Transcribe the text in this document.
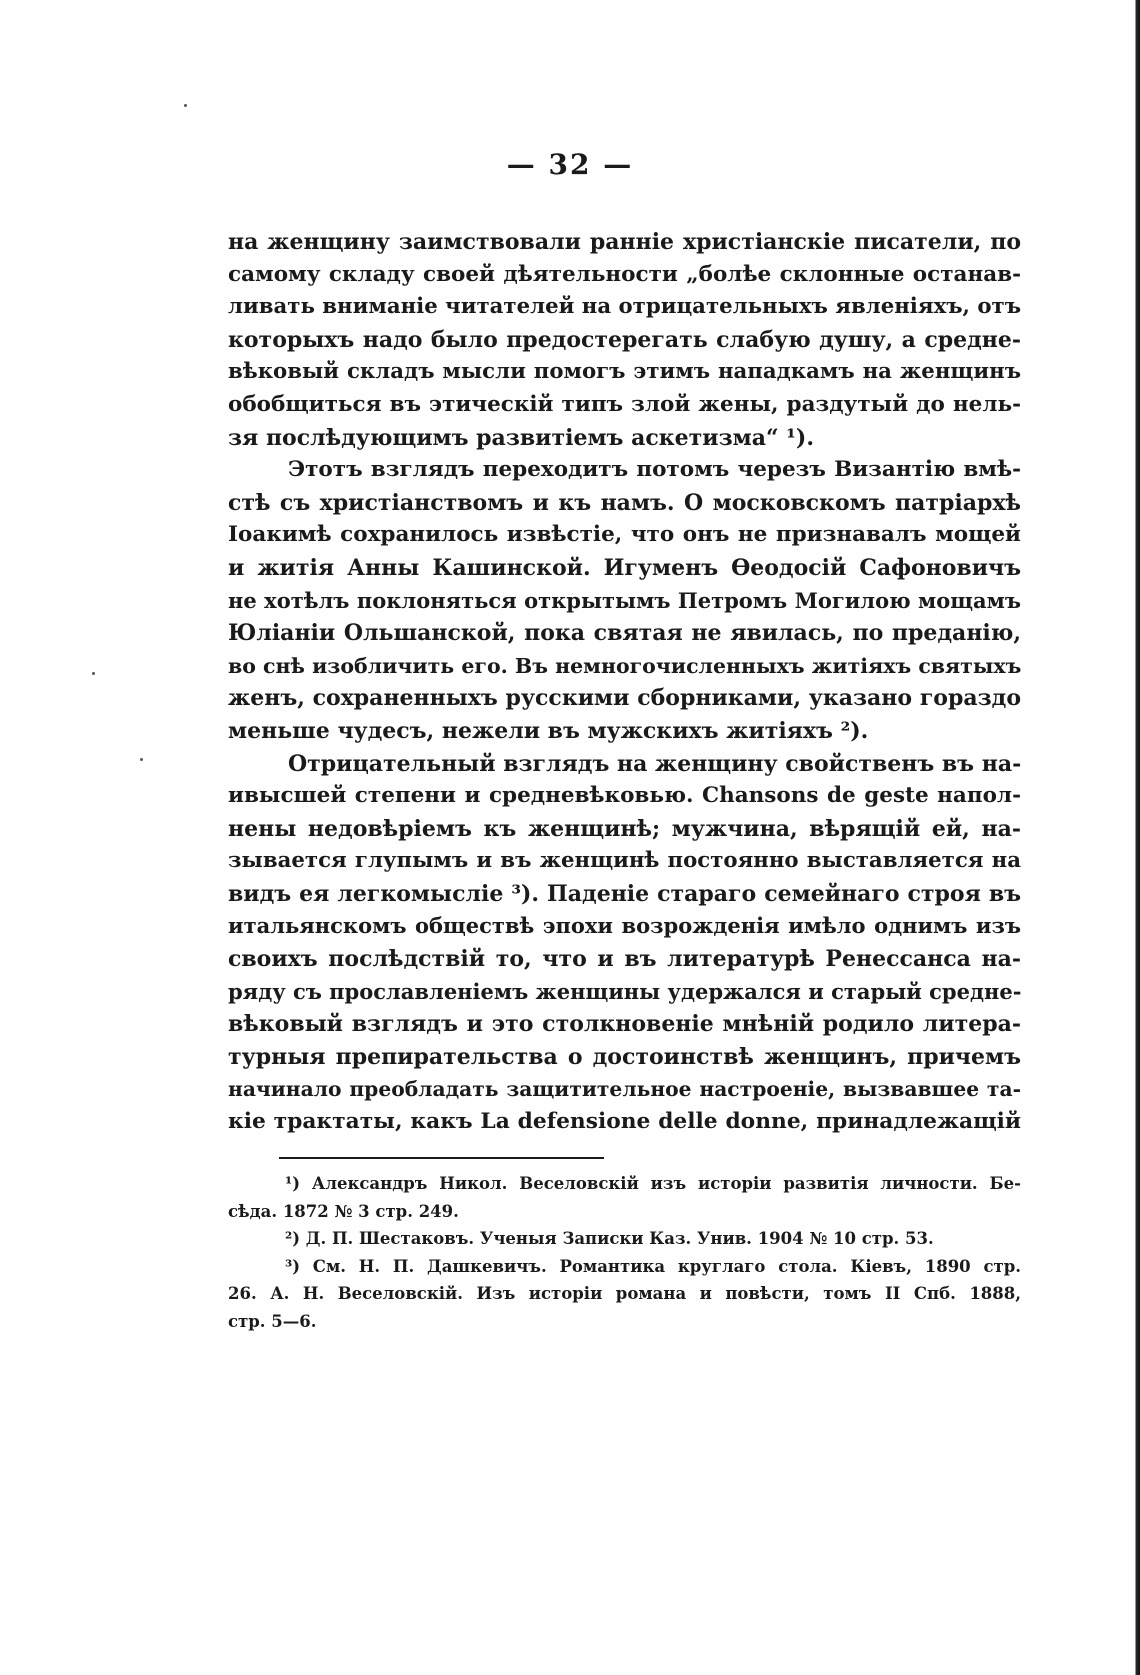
— 32 —
на женщину заимствовали ранніе христіанскіе писатели, по
самому складу своей дѣятельности „болѣе склонные останав-
ливать вниманіе читателей на отрицательныхъ явленіяхъ, отъ
которыхъ надо было предостерегать слабую душу, а средне-
вѣковый складъ мысли помогъ этимъ нападкамъ на женщинъ
обобщиться въ этическій типъ злой жены, раздутый до нель-
зя послѣдующимъ развитіемъ аскетизма“ ¹).
Этотъ взглядъ переходитъ потомъ черезъ Византію вмѣ-
стѣ съ христіанствомъ и къ намъ. О московскомъ патріархѣ
Іоакимѣ сохранилось извѣстіе, что онъ не признавалъ мощей
и житія Анны Кашинской. Игуменъ Өеодосій Сафоновичъ
не хотѣлъ поклоняться открытымъ Петромъ Могилою мощамъ
Юліаніи Ольшанской, пока святая не явилась, по преданію,
во снѣ изобличить его. Въ немногочисленныхъ житіяхъ святыхъ
женъ, сохраненныхъ русскими сборниками, указано гораздо
меньше чудесъ, нежели въ мужскихъ житіяхъ ²).
Отрицательный взглядъ на женщину свойственъ въ на-
ивысшей степени и средневѣковью. Chansons de geste напол-
нены недовѣріемъ къ женщинѣ; мужчина, вѣрящій ей, на-
зывается глупымъ и въ женщинѣ постоянно выставляется на
видъ ея легкомысліе ³). Паденіе стараго семейнаго строя въ
итальянскомъ обществѣ эпохи возрожденія имѣло однимъ изъ
своихъ послѣдствій то, что и въ литературѣ Ренессанса на-
ряду съ прославленіемъ женщины удержался и старый средне-
вѣковый взглядъ и это столкновеніе мнѣній родило литера-
турныя препирательства о достоинствѣ женщинъ, причемъ
начинало преобладать защитительное настроеніе, вызвавшее та-
кіе трактаты, какъ La defensione delle donne, принадлежащій
¹) Александръ Никол. Веселовскій изъ исторіи развитія личности. Бе-
сѣда. 1872 № 3 стр. 249.
²) Д. П. Шестаковъ. Ученыя Записки Каз. Унив. 1904 № 10 стр. 53.
³) См. Н. П. Дашкевичъ. Романтика круглаго стола. Кіевъ, 1890 стр.
26. А. Н. Веселовскій. Изъ исторіи романа и повѣсти, томъ II Спб. 1888,
стр. 5—6.
